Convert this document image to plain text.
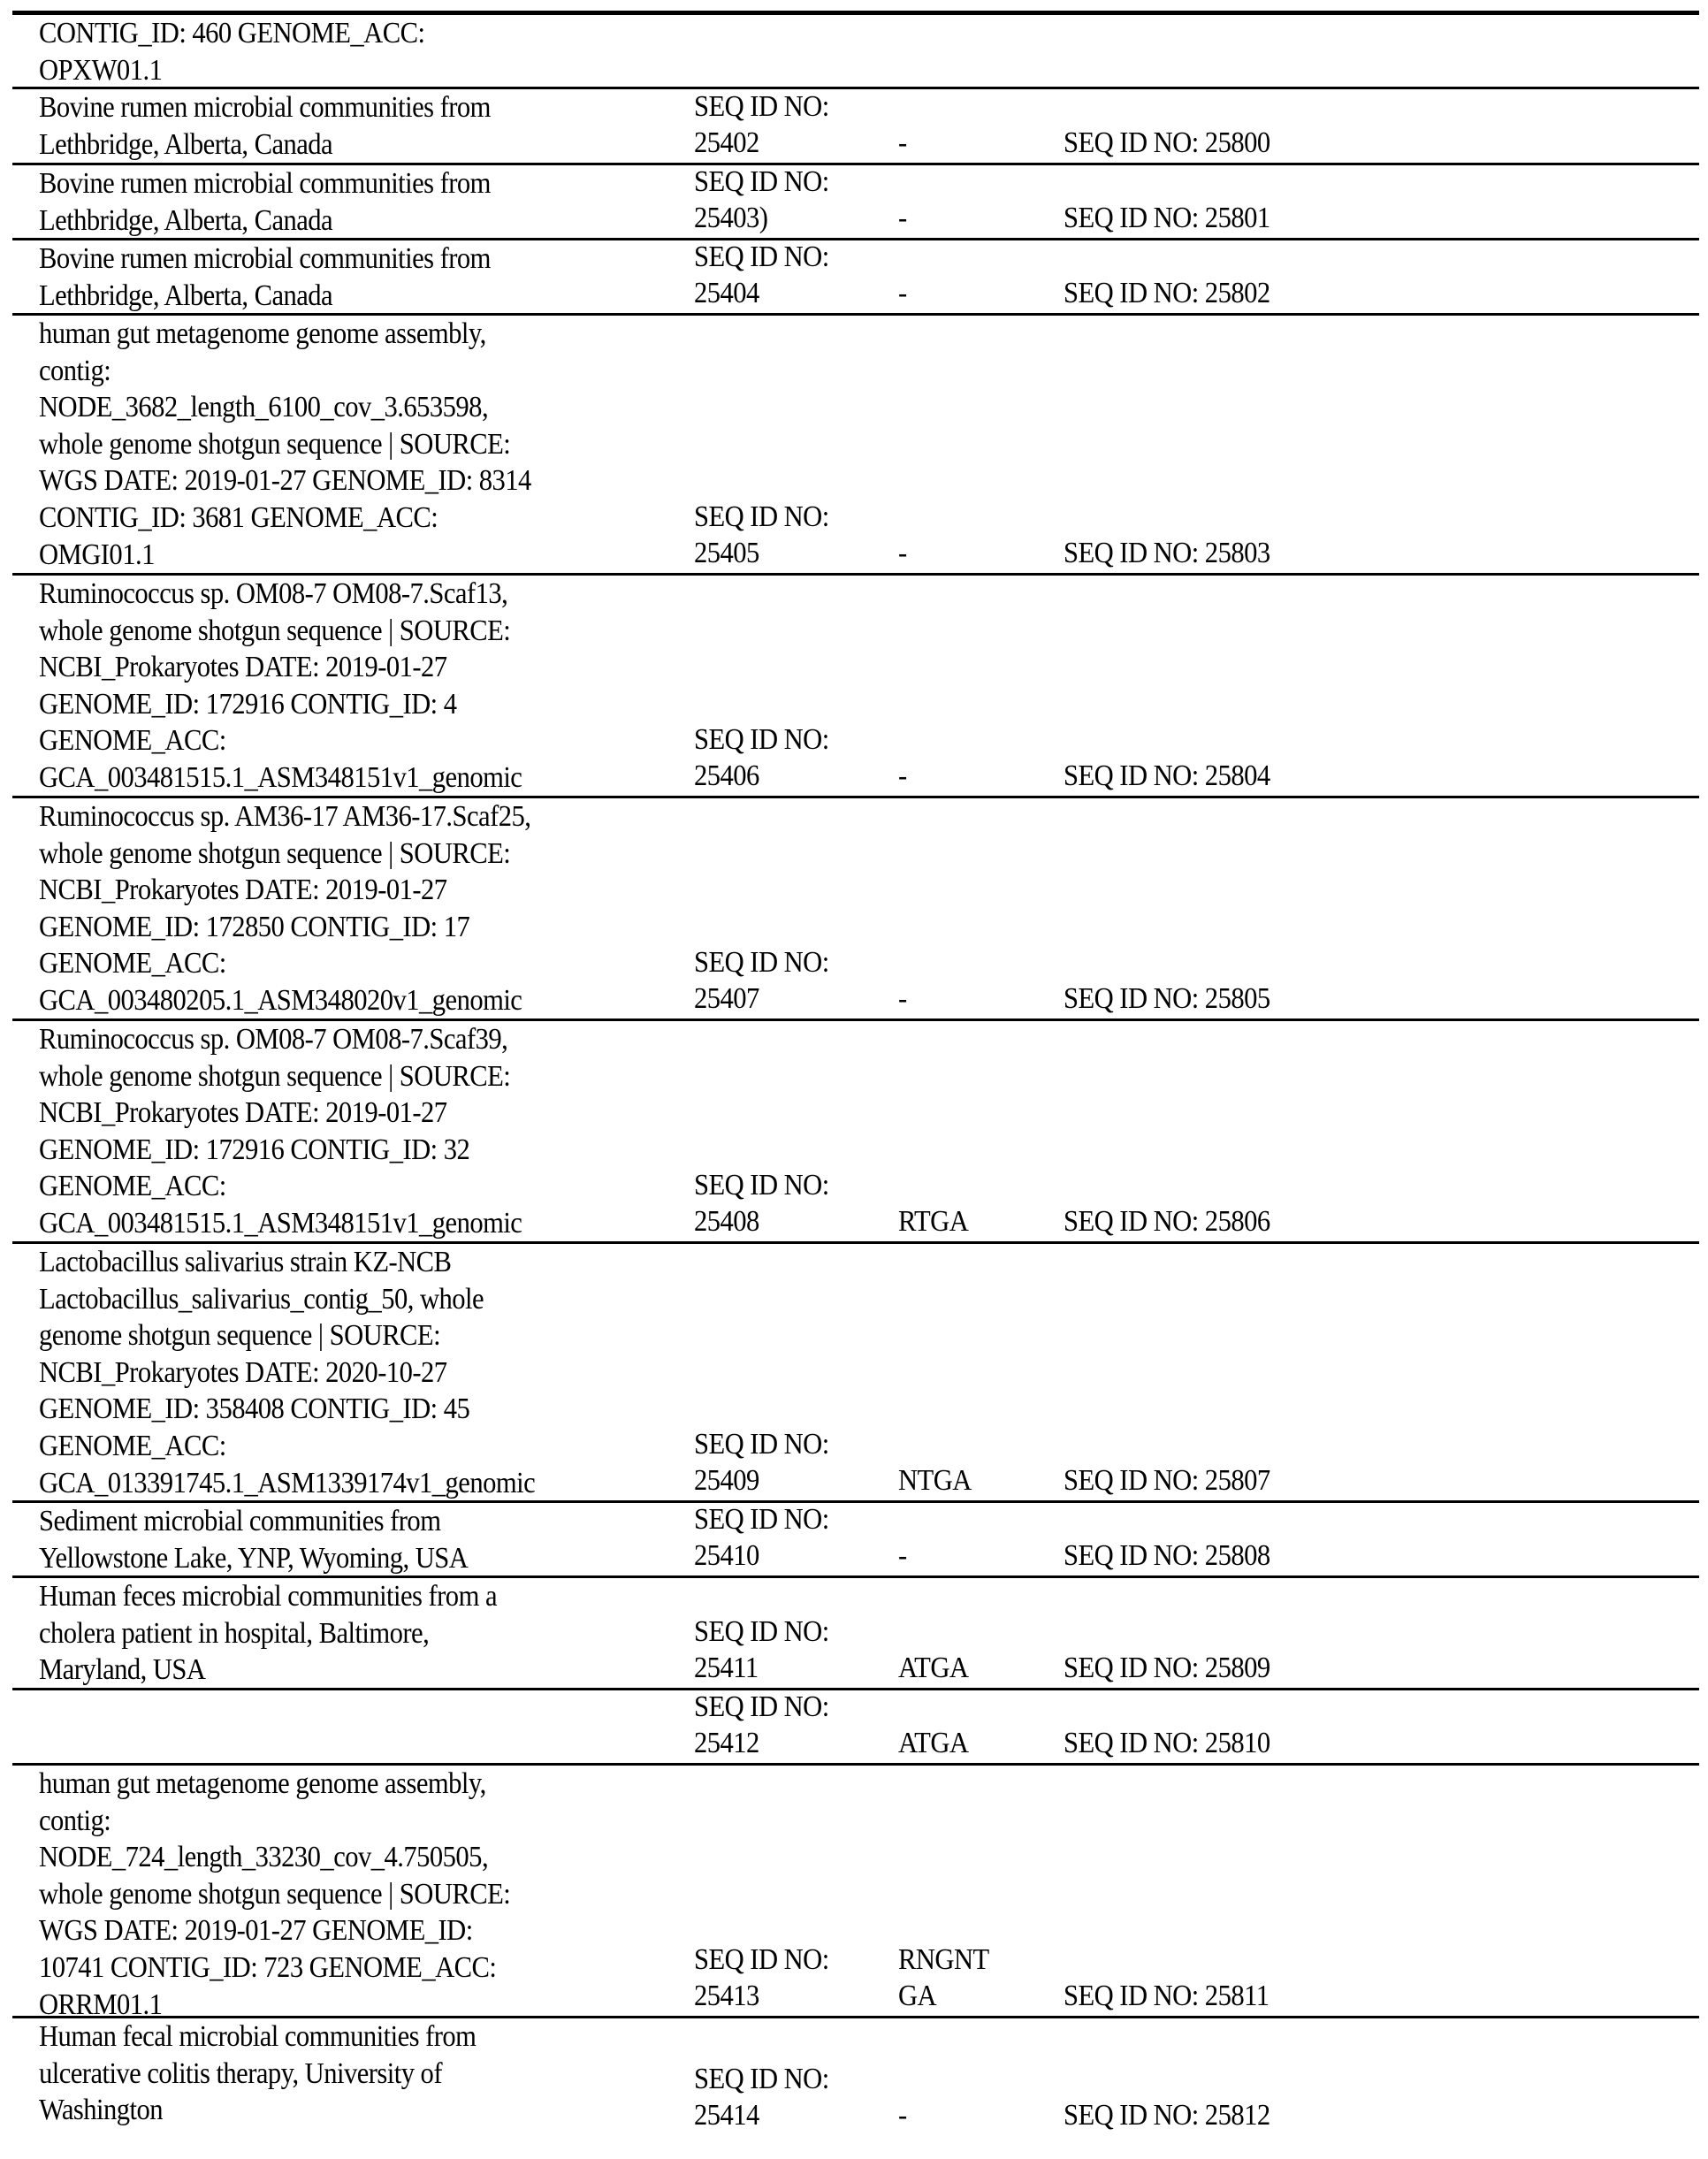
CONTIG_ID: 460 GENOME_ACC:
OPXW01.1
Bovine rumen microbial communities from
Lethbridge, Alberta, Canada
SEQ ID NO:
25402	-	SEQ ID NO: 25800
Bovine rumen microbial communities from
Lethbridge, Alberta, Canada
SEQ ID NO:
25403)	-	SEQ ID NO: 25801
Bovine rumen microbial communities from
Lethbridge, Alberta, Canada
SEQ ID NO:
25404	-	SEQ ID NO: 25802
human gut metagenome genome assembly,
contig:
NODE_3682_length_6100_cov_3.653598,
whole genome shotgun sequence | SOURCE:
WGS DATE: 2019-01-27 GENOME_ID: 8314
CONTIG_ID: 3681 GENOME_ACC:
OMGI01.1
SEQ ID NO:
25405	-	SEQ ID NO: 25803
Ruminococcus sp. OM08-7 OM08-7.Scaf13,
whole genome shotgun sequence | SOURCE:
NCBI_Prokaryotes DATE: 2019-01-27
GENOME_ID: 172916 CONTIG_ID: 4
GENOME_ACC:
GCA_003481515.1_ASM348151v1_genomic
SEQ ID NO:
25406	-	SEQ ID NO: 25804
Ruminococcus sp. AM36-17 AM36-17.Scaf25,
whole genome shotgun sequence | SOURCE:
NCBI_Prokaryotes DATE: 2019-01-27
GENOME_ID: 172850 CONTIG_ID: 17
GENOME_ACC:
GCA_003480205.1_ASM348020v1_genomic
SEQ ID NO:
25407	-	SEQ ID NO: 25805
Ruminococcus sp. OM08-7 OM08-7.Scaf39,
whole genome shotgun sequence | SOURCE:
NCBI_Prokaryotes DATE: 2019-01-27
GENOME_ID: 172916 CONTIG_ID: 32
GENOME_ACC:
GCA_003481515.1_ASM348151v1_genomic
SEQ ID NO:
25408	RTGA	SEQ ID NO: 25806
Lactobacillus salivarius strain KZ-NCB
Lactobacillus_salivarius_contig_50, whole
genome shotgun sequence | SOURCE:
NCBI_Prokaryotes DATE: 2020-10-27
GENOME_ID: 358408 CONTIG_ID: 45
GENOME_ACC:
GCA_013391745.1_ASM1339174v1_genomic
SEQ ID NO:
25409	NTGA	SEQ ID NO: 25807
Sediment microbial communities from
Yellowstone Lake, YNP, Wyoming, USA
SEQ ID NO:
25410	-	SEQ ID NO: 25808
Human feces microbial communities from a
cholera patient in hospital, Baltimore,
Maryland, USA
SEQ ID NO:
25411	ATGA	SEQ ID NO: 25809
SEQ ID NO:
25412	ATGA	SEQ ID NO: 25810
human gut metagenome genome assembly,
contig:
NODE_724_length_33230_cov_4.750505,
whole genome shotgun sequence | SOURCE:
WGS DATE: 2019-01-27 GENOME_ID:
10741 CONTIG_ID: 723 GENOME_ACC:
ORRM01.1
SEQ ID NO:
25413
RNGNT
GA	SEQ ID NO: 25811
Human fecal microbial communities from
ulcerative colitis therapy, University of
Washington
SEQ ID NO:
25414	-	SEQ ID NO: 25812
